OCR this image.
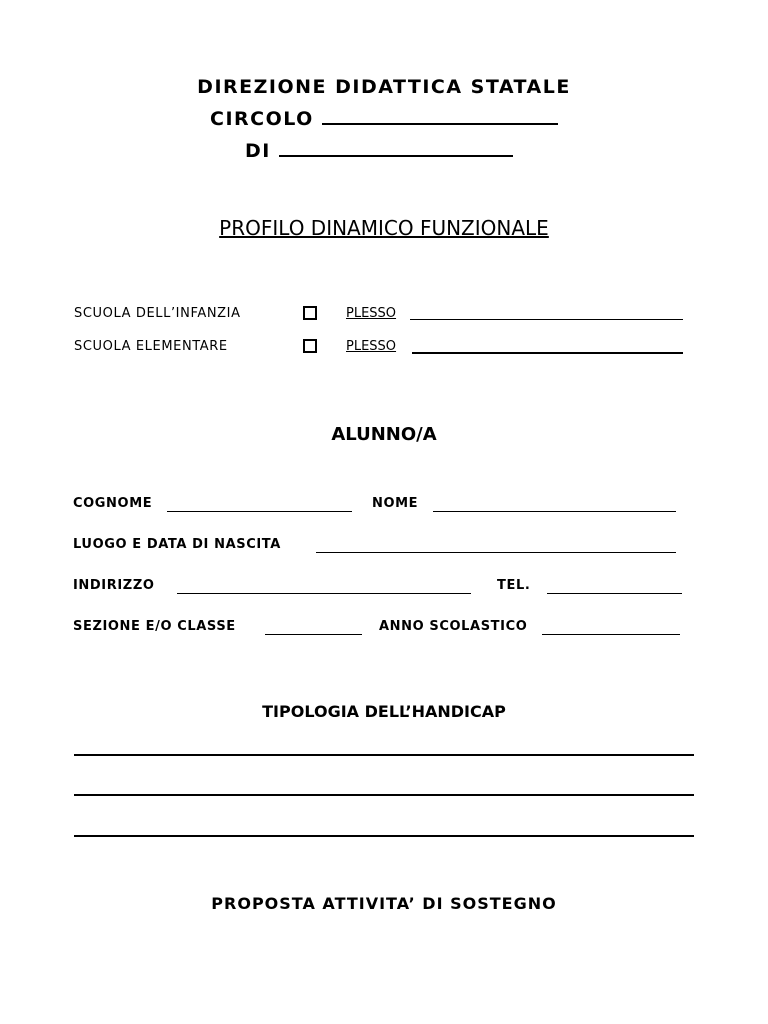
DIREZIONE DIDATTICA STATALE
CIRCOLO
DI
PROFILO DINAMICO FUNZIONALE
SCUOLA DELL’INFANZIA	PLESSO
SCUOLA ELEMENTARE	PLESSO
ALUNNO/A
COGNOME	NOME
LUOGO E DATA DI NASCITA
INDIRIZZO	TEL.
SEZIONE E/O CLASSE	ANNO SCOLASTICO
TIPOLOGIA DELL’HANDICAP
PROPOSTA ATTIVITA’ DI SOSTEGNO
